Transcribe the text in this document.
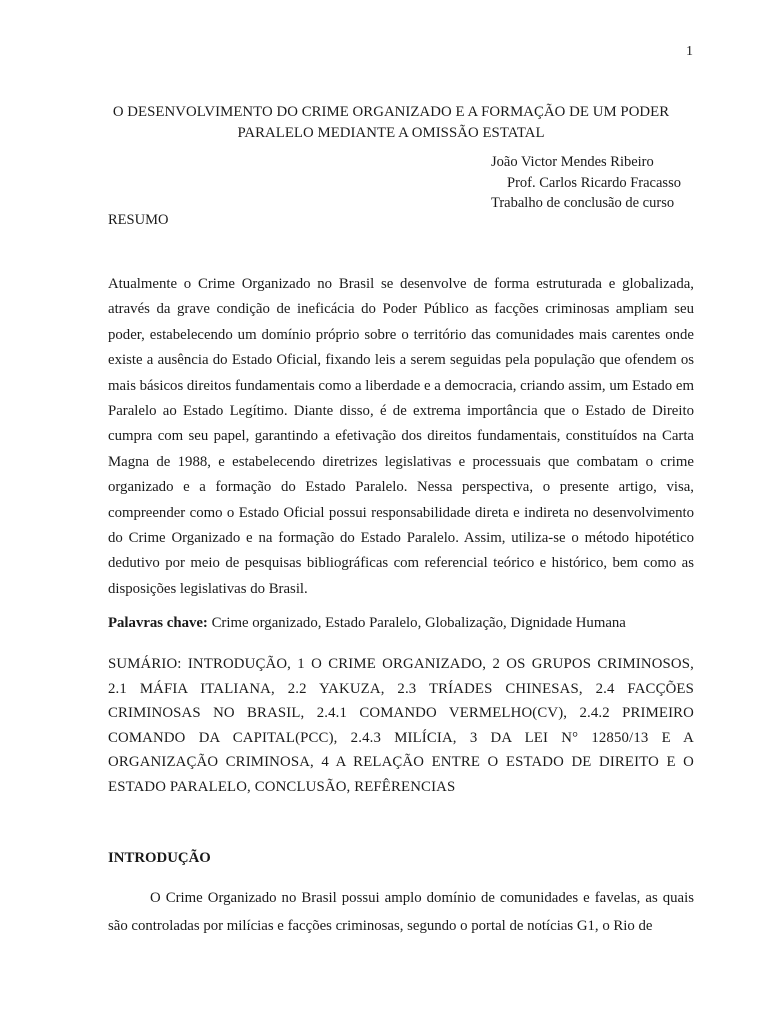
1
O DESENVOLVIMENTO DO CRIME ORGANIZADO E A FORMAÇÃO DE UM PODER PARALELO MEDIANTE A OMISSÃO ESTATAL
João Victor Mendes Ribeiro
Prof. Carlos Ricardo Fracasso
Trabalho de conclusão de curso
RESUMO

Atualmente o Crime Organizado no Brasil se desenvolve de forma estruturada e globalizada, através da grave condição de ineficácia do Poder Público as facções criminosas ampliam seu poder, estabelecendo um domínio próprio sobre o território das comunidades mais carentes onde existe a ausência do Estado Oficial, fixando leis a serem seguidas pela população que ofendem os mais básicos direitos fundamentais como a liberdade e a democracia, criando assim, um Estado em Paralelo ao Estado Legítimo. Diante disso, é de extrema importância que o Estado de Direito cumpra com seu papel, garantindo a efetivação dos direitos fundamentais, constituídos na Carta Magna de 1988, e estabelecendo diretrizes legislativas e processuais que combatam o crime organizado e a formação do Estado Paralelo. Nessa perspectiva, o presente artigo, visa, compreender como o Estado Oficial possui responsabilidade direta e indireta no desenvolvimento do Crime Organizado e na formação do Estado Paralelo. Assim, utiliza-se o método hipotético dedutivo por meio de pesquisas bibliográficas com referencial teórico e histórico, bem como as disposições legislativas do Brasil.

Palavras chave: Crime organizado, Estado Paralelo, Globalização, Dignidade Humana

SUMÁRIO: INTRODUÇÃO, 1 O CRIME ORGANIZADO, 2 OS GRUPOS CRIMINOSOS, 2.1 MÁFIA ITALIANA, 2.2 YAKUZA, 2.3 TRÍADES CHINESAS, 2.4 FACÇÕES CRIMINOSAS NO BRASIL, 2.4.1 COMANDO VERMELHO(CV), 2.4.2 PRIMEIRO COMANDO DA CAPITAL(PCC), 2.4.3 MILÍCIA, 3 DA LEI N° 12850/13 E A ORGANIZAÇÃO CRIMINOSA, 4 A RELAÇÃO ENTRE O ESTADO DE DIREITO E O ESTADO PARALELO, CONCLUSÃO, REFÊRENCIAS

INTRODUÇÃO

O Crime Organizado no Brasil possui amplo domínio de comunidades e favelas, as quais são controladas por milícias e facções criminosas, segundo o portal de notícias G1, o Rio de
